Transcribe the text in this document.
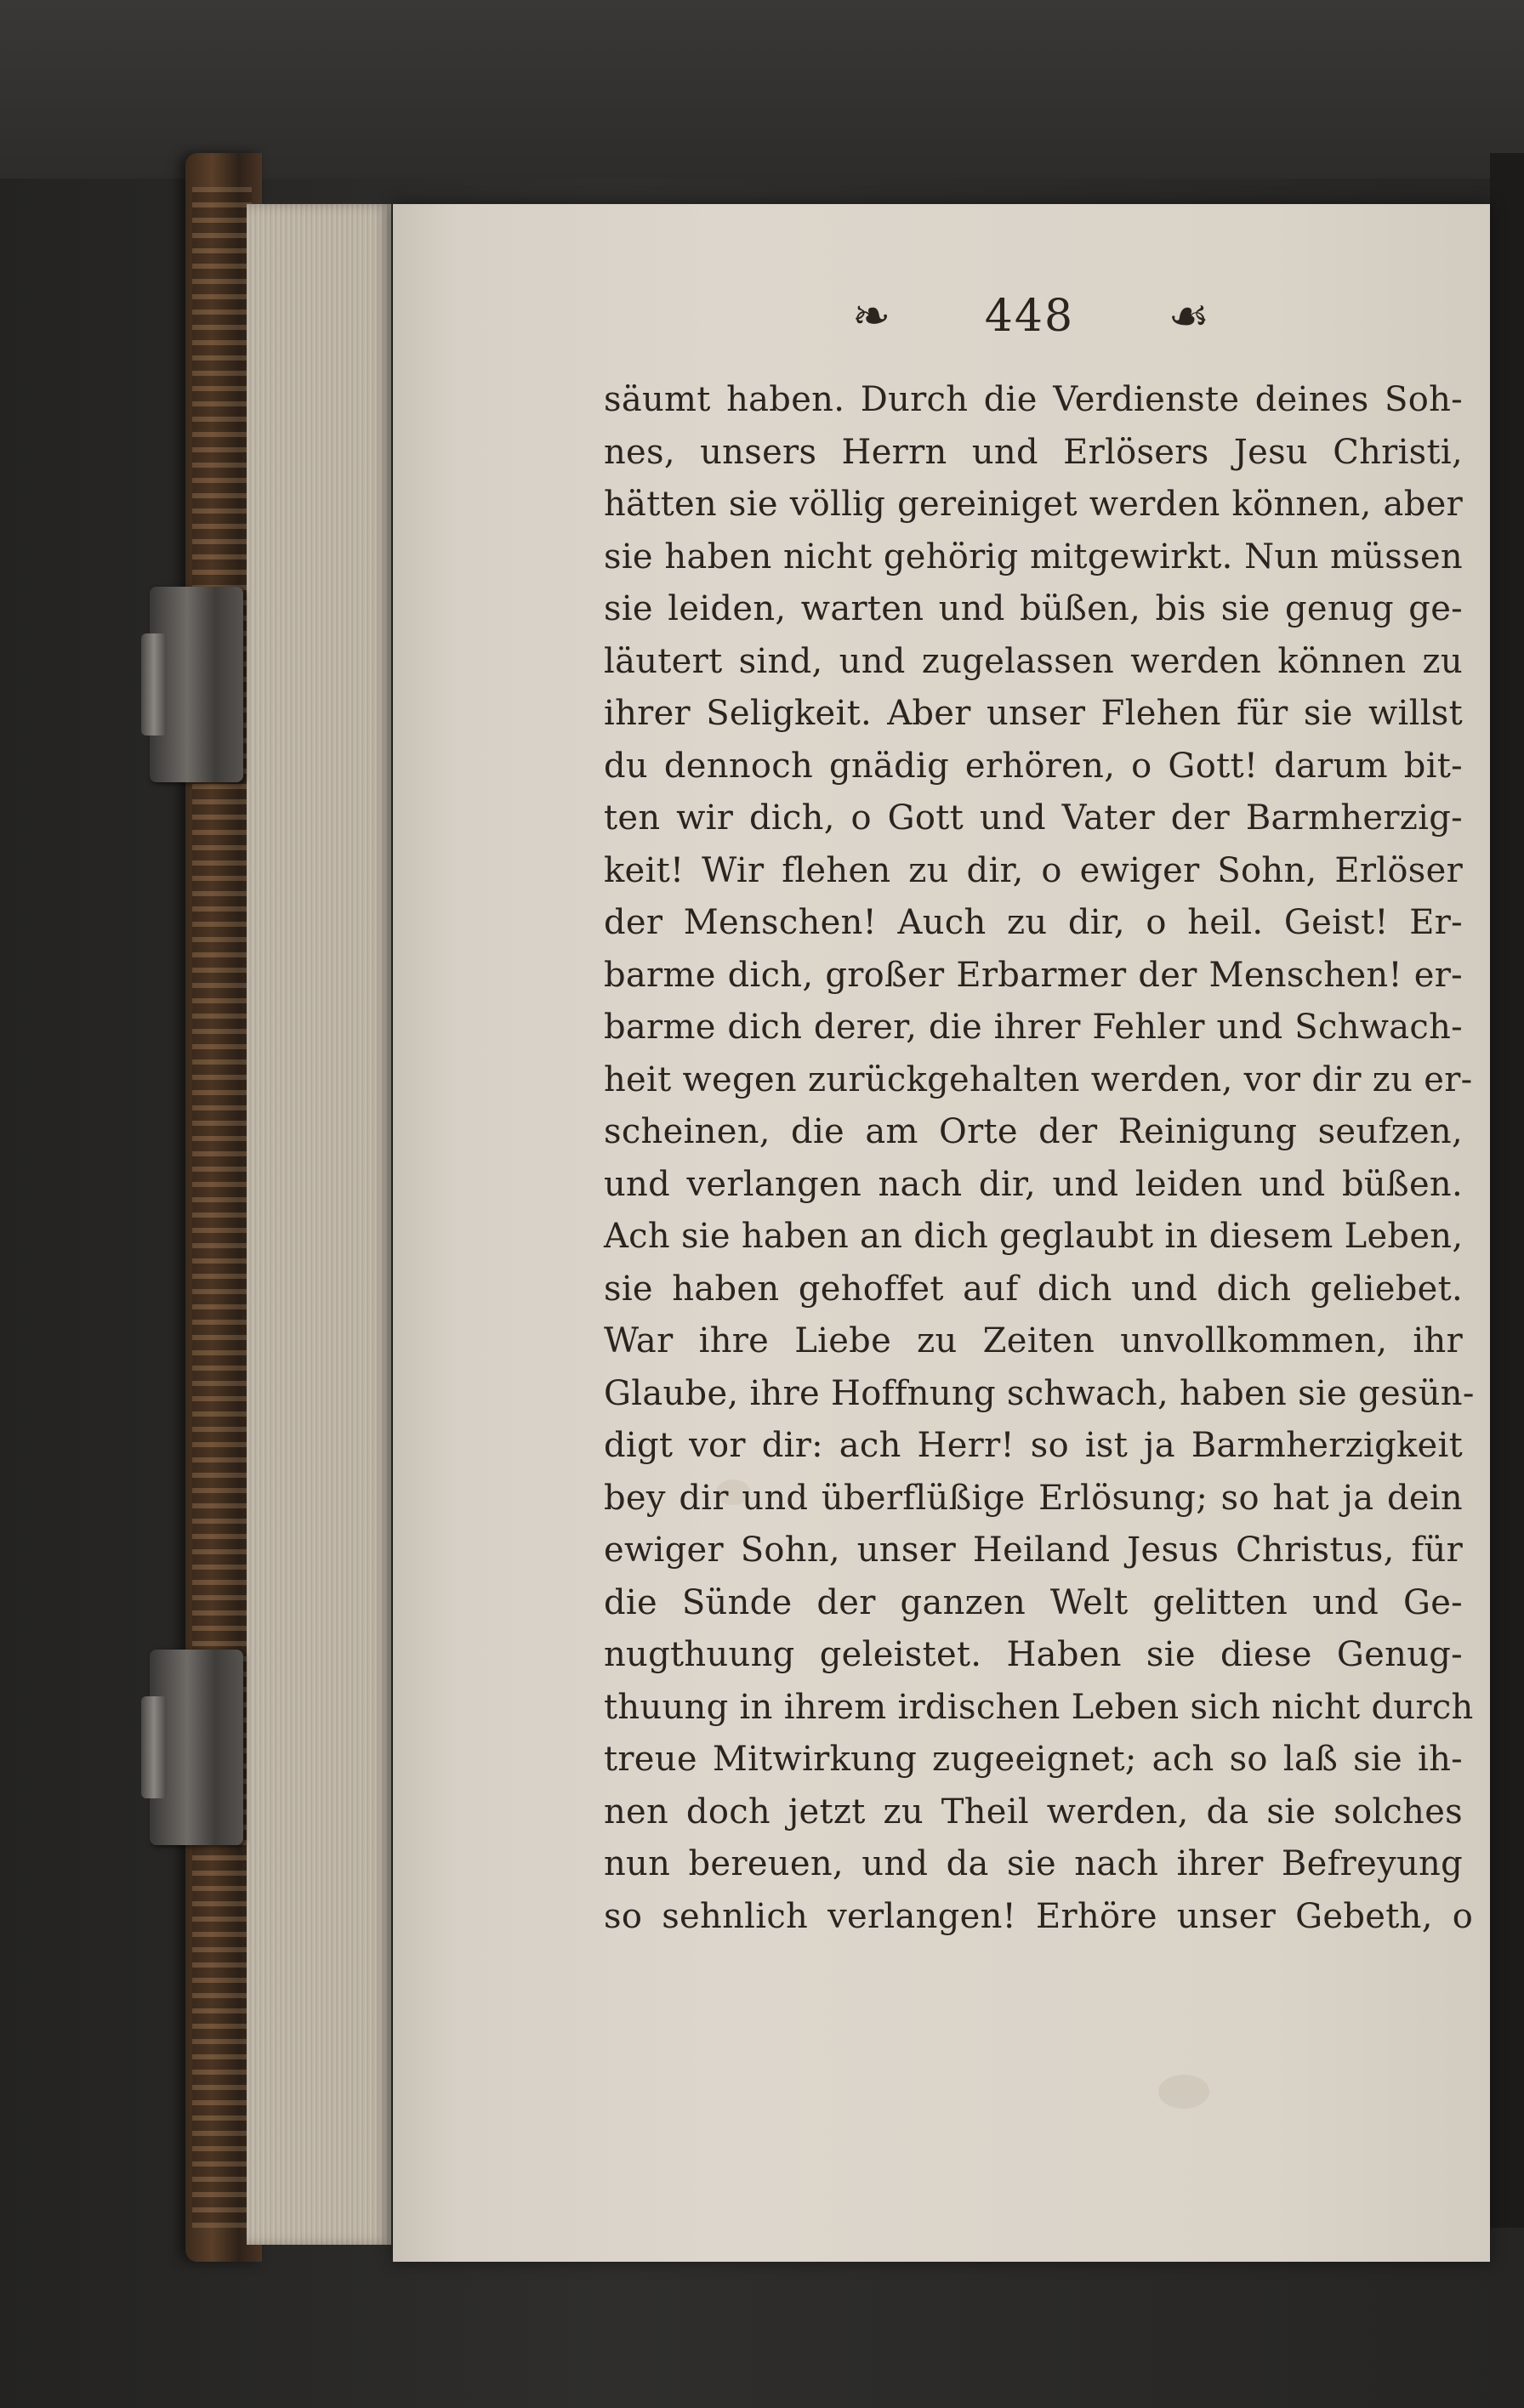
❧ 448 ☙
säumt haben. Durch die Verdienste deines Soh-
nes, unsers Herrn und Erlösers Jesu Christi,
hätten sie völlig gereiniget werden können, aber
sie haben nicht gehörig mitgewirkt. Nun müssen
sie leiden, warten und büßen, bis sie genug ge-
läutert sind, und zugelassen werden können zu
ihrer Seligkeit. Aber unser Flehen für sie willst
du dennoch gnädig erhören, o Gott! darum bit-
ten wir dich, o Gott und Vater der Barmherzig-
keit! Wir flehen zu dir, o ewiger Sohn, Erlöser
der Menschen! Auch zu dir, o heil. Geist! Er-
barme dich, großer Erbarmer der Menschen! er-
barme dich derer, die ihrer Fehler und Schwach-
heit wegen zurückgehalten werden, vor dir zu er-
scheinen, die am Orte der Reinigung seufzen,
und verlangen nach dir, und leiden und büßen.
Ach sie haben an dich geglaubt in diesem Leben,
sie haben gehoffet auf dich und dich geliebet.
War ihre Liebe zu Zeiten unvollkommen, ihr
Glaube, ihre Hoffnung schwach, haben sie gesün-
digt vor dir: ach Herr! so ist ja Barmherzigkeit
bey dir und überflüßige Erlösung; so hat ja dein
ewiger Sohn, unser Heiland Jesus Christus, für
die Sünde der ganzen Welt gelitten und Ge-
nugthuung geleistet. Haben sie diese Genug-
thuung in ihrem irdischen Leben sich nicht durch
treue Mitwirkung zugeeignet; ach so laß sie ih-
nen doch jetzt zu Theil werden, da sie solches
nun bereuen, und da sie nach ihrer Befreyung
so sehnlich verlangen! Erhöre unser Gebeth, o
